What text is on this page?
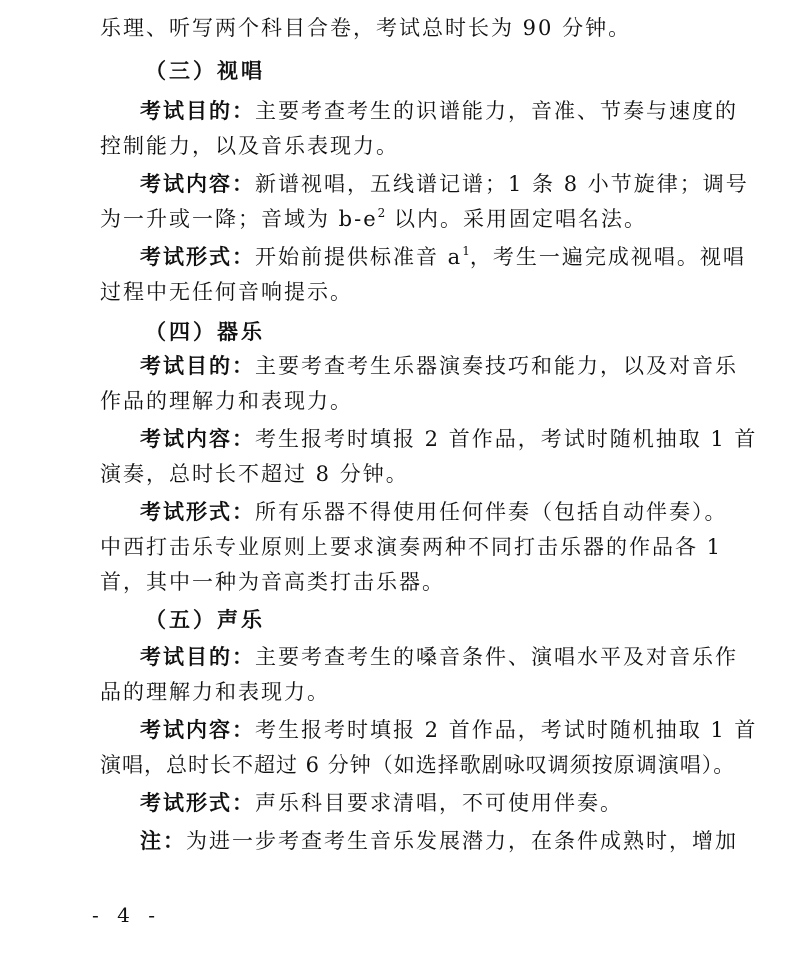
乐理、听写两个科目合卷，考试总时长为 90 分钟。
（三）视唱
考试目的：主要考查考生的识谱能力，音准、节奏与速度的
控制能力，以及音乐表现力。
考试内容：新谱视唱，五线谱记谱；1 条 8 小节旋律；调号
为一升或一降；音域为 $b-e^2$ 以内。采用固定唱名法。
考试形式：开始前提供标准音 $a^1$，考生一遍完成视唱。视唱
过程中无任何音响提示。
（四）器乐
考试目的：主要考查考生乐器演奏技巧和能力，以及对音乐
作品的理解力和表现力。
考试内容：考生报考时填报 2 首作品，考试时随机抽取 1 首
演奏，总时长不超过 8 分钟。
考试形式：所有乐器不得使用任何伴奏（包括自动伴奏）。
中西打击乐专业原则上要求演奏两种不同打击乐器的作品各 1
首，其中一种为音高类打击乐器。
（五）声乐
考试目的：主要考查考生的嗓音条件、演唱水平及对音乐作
品的理解力和表现力。
考试内容：考生报考时填报 2 首作品，考试时随机抽取 1 首
演唱，总时长不超过 6 分钟（如选择歌剧咏叹调须按原调演唱）。
考试形式：声乐科目要求清唱，不可使用伴奏。
注：为进一步考查考生音乐发展潜力，在条件成熟时，增加
- 4 -
